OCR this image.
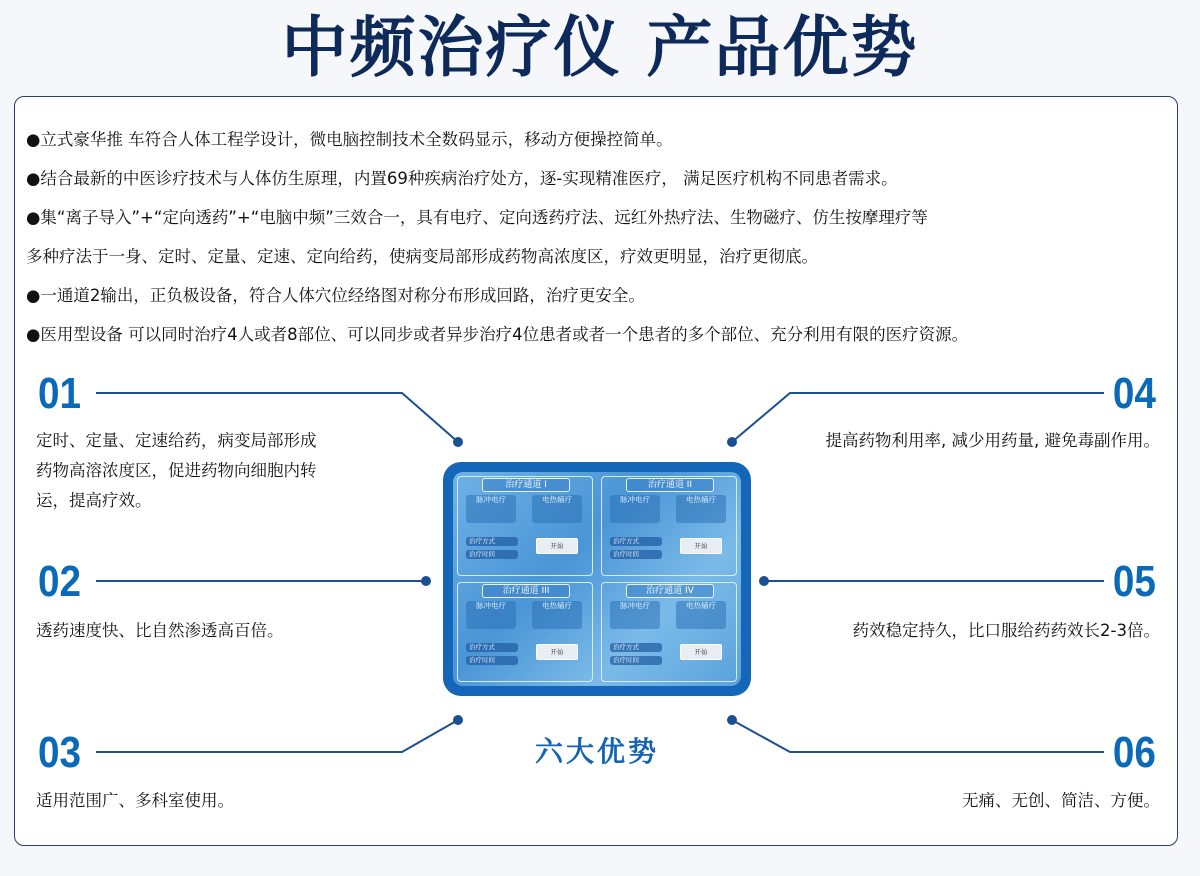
中频治疗仪 产品优势
●立式豪华推 车符合人体工程学设计，微电脑控制技术全数码显示，移动方便操控简单。
●结合最新的中医诊疗技术与人体仿生原理，内置69种疾病治疗处方，逐-实现精准医疗， 满足医疗机构不同患者需求。
●集“离子导入”+“定向透药”+“电脑中频”三效合一，具有电疗、定向透药疗法、远红外热疗法、生物磁疗、仿生按摩理疗等
多种疗法于一身、定时、定量、定速、定向给药，使病变局部形成药物高浓度区，疗效更明显，治疗更彻底。
●一通道2输出，正负极设备，符合人体穴位经络图对称分布形成回路，治疗更安全。
●医用型设备 可以同时治疗4人或者8部位、可以同步或者异步治疗4位患者或者一个患者的多个部位、充分利用有限的医疗资源。
01
定时、定量、定速给药，病变局部形成
药物高溶浓度区，促进药物向细胞内转
运，提高疗效。
02
透药速度快、比自然渗透高百倍。
03
适用范围广、多科室使用。
04
提高药物利用率, 减少用药量, 避免毒副作用。
05
药效稳定持久，比口服给药药效长2-3倍。
06
无痛、无创、简洁、方便。
治疗通道 I
脉冲电疗	电热辅疗
治疗方式
治疗时间
开始
治疗通道 II
脉冲电疗	电热辅疗
治疗方式
治疗时间
开始
治疗通道 III
脉冲电疗	电热辅疗
治疗方式
治疗时间
开始
治疗通道 IV
脉冲电疗	电热辅疗
治疗方式
治疗时间
开始
六大优势
